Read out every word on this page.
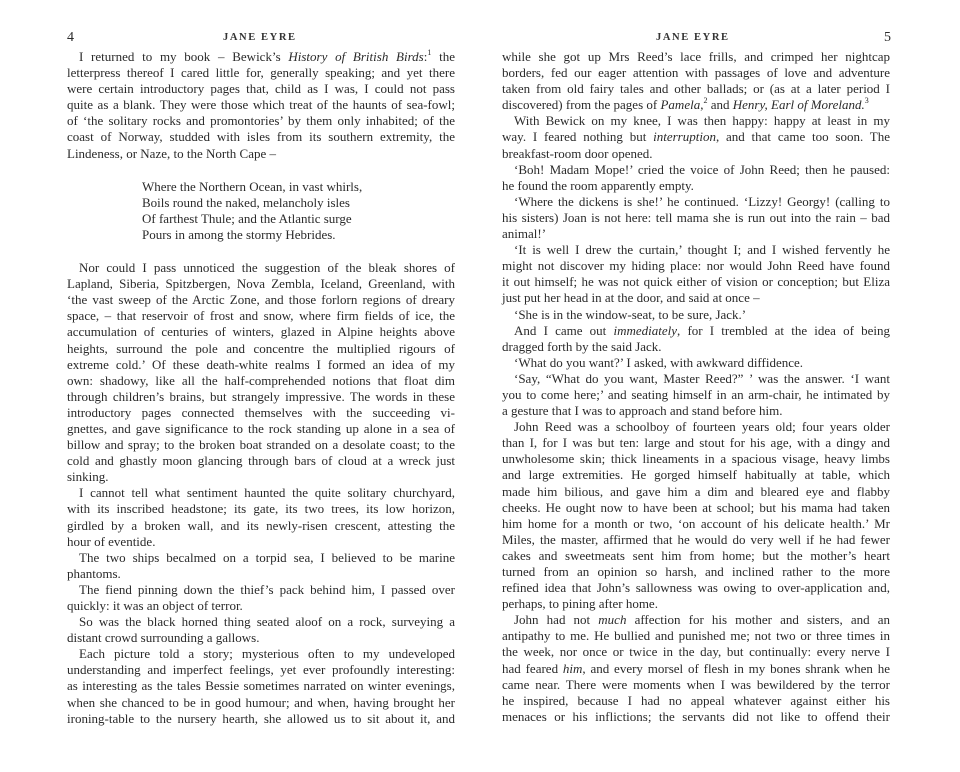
4	JANE EYRE
I returned to my book – Bewick’s History of British Birds:$^1$ the
letterpress thereof I cared little for, generally speaking; and yet there
were certain introductory pages that, child as I was, I could not pass
quite as a blank. They were those which treat of the haunts of sea-fowl;
of ‘the solitary rocks and promontories’ by them only inhabited; of the
coast of Norway, studded with isles from its southern extremity, the
Lindeness, or Naze, to the North Cape –
Where the Northern Ocean, in vast whirls,
Boils round the naked, melancholy isles
Of farthest Thule; and the Atlantic surge
Pours in among the stormy Hebrides.
Nor could I pass unnoticed the suggestion of the bleak shores of
Lapland, Siberia, Spitzbergen, Nova Zembla, Iceland, Greenland, with
‘the vast sweep of the Arctic Zone, and those forlorn regions of dreary
space, – that reservoir of frost and snow, where firm fields of ice, the
accumulation of centuries of winters, glazed in Alpine heights above
heights, surround the pole and concentre the multiplied rigours of
extreme cold.’ Of these death-white realms I formed an idea of my
own: shadowy, like all the half-comprehended notions that float dim
through children’s brains, but strangely impressive. The words in these
introductory pages connected themselves with the succeeding vi-
gnettes, and gave significance to the rock standing up alone in a sea of
billow and spray; to the broken boat stranded on a desolate coast; to the
cold and ghastly moon glancing through bars of cloud at a wreck just
sinking.
I cannot tell what sentiment haunted the quite solitary churchyard,
with its inscribed headstone; its gate, its two trees, its low horizon,
girdled by a broken wall, and its newly-risen crescent, attesting the
hour of eventide.
The two ships becalmed on a torpid sea, I believed to be marine
phantoms.
The fiend pinning down the thief’s pack behind him, I passed over
quickly: it was an object of terror.
So was the black horned thing seated aloof on a rock, surveying a
distant crowd surrounding a gallows.
Each picture told a story; mysterious often to my undeveloped
understanding and imperfect feelings, yet ever profoundly interesting:
as interesting as the tales Bessie sometimes narrated on winter evenings,
when she chanced to be in good humour; and when, having brought her
ironing-table to the nursery hearth, she allowed us to sit about it, and
JANE EYRE	5
while she got up Mrs Reed’s lace frills, and crimped her nightcap
borders, fed our eager attention with passages of love and adventure
taken from old fairy tales and other ballads; or (as at a later period I
discovered) from the pages of Pamela,$^2$ and Henry, Earl of Moreland.$^3$
With Bewick on my knee, I was then happy: happy at least in my
way. I feared nothing but interruption, and that came too soon. The
breakfast-room door opened.
‘Boh! Madam Mope!’ cried the voice of John Reed; then he paused:
he found the room apparently empty.
‘Where the dickens is she!’ he continued. ‘Lizzy! Georgy! (calling to
his sisters) Joan is not here: tell mama she is run out into the rain – bad
animal!’
‘It is well I drew the curtain,’ thought I; and I wished fervently he
might not discover my hiding place: nor would John Reed have found
it out himself; he was not quick either of vision or conception; but Eliza
just put her head in at the door, and said at once –
‘She is in the window-seat, to be sure, Jack.’
And I came out immediately, for I trembled at the idea of being
dragged forth by the said Jack.
‘What do you want?’ I asked, with awkward diffidence.
‘Say, “What do you want, Master Reed?” ’ was the answer. ‘I want
you to come here;’ and seating himself in an arm-chair, he intimated by
a gesture that I was to approach and stand before him.
John Reed was a schoolboy of fourteen years old; four years older
than I, for I was but ten: large and stout for his age, with a dingy and
unwholesome skin; thick lineaments in a spacious visage, heavy limbs
and large extremities. He gorged himself habitually at table, which
made him bilious, and gave him a dim and bleared eye and flabby
cheeks. He ought now to have been at school; but his mama had taken
him home for a month or two, ‘on account of his delicate health.’ Mr
Miles, the master, affirmed that he would do very well if he had fewer
cakes and sweetmeats sent him from home; but the mother’s heart
turned from an opinion so harsh, and inclined rather to the more
refined idea that John’s sallowness was owing to over-application and,
perhaps, to pining after home.
John had not much affection for his mother and sisters, and an
antipathy to me. He bullied and punished me; not two or three times in
the week, nor once or twice in the day, but continually: every nerve I
had feared him, and every morsel of flesh in my bones shrank when he
came near. There were moments when I was bewildered by the terror
he inspired, because I had no appeal whatever against either his
menaces or his inflictions; the servants did not like to offend their
